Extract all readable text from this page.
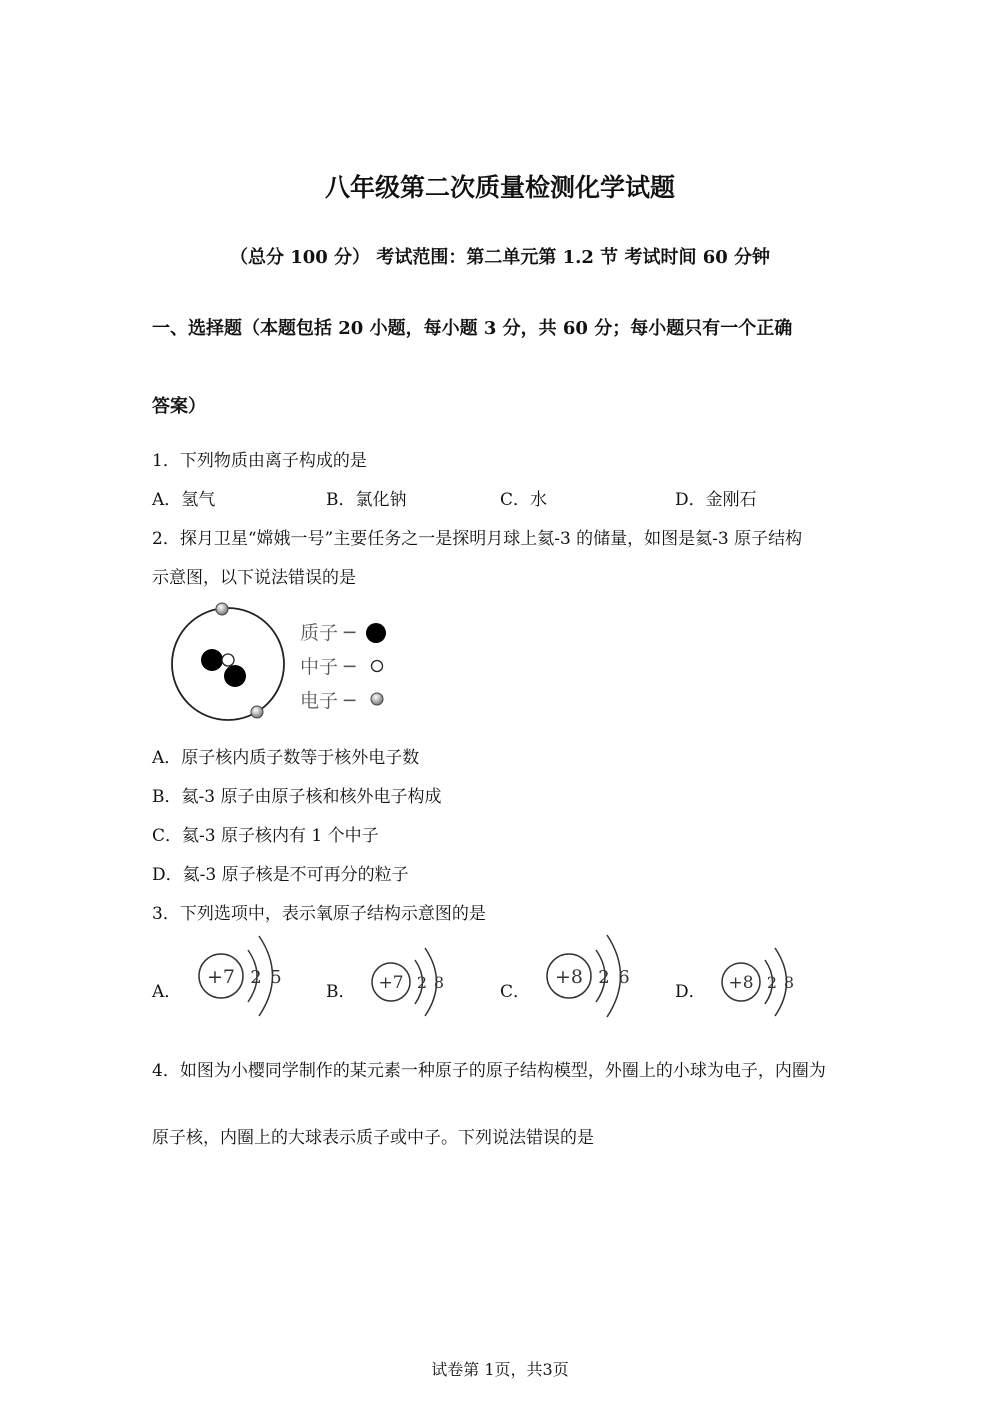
八年级第二次质量检测化学试题
（总分 100 分） 考试范围：第二单元第 1.2 节 考试时间 60 分钟
一、选择题（本题包括 20 小题，每小题 3 分，共 60 分；每小题只有一个正确
答案）
1．下列物质由离子构成的是
A．氢气	B．氯化钠	C．水	D．金刚石
2．探月卫星“嫦娥一号”主要任务之一是探明月球上氦-3 的储量，如图是氦-3 原子结构
示意图，以下说法错误的是
质子 ─
中子 ─
电子 ─
A．原子核内质子数等于核外电子数
B．氦-3 原子由原子核和核外电子构成
C．氦-3 原子核内有 1 个中子
D．氦-3 原子核是不可再分的粒子
3．下列选项中，表示氧原子结构示意图的是
A．
+7 2 5
B． +7 2 8	C．
+8 2 6
D． +8 2 8
4．如图为小樱同学制作的某元素一种原子的原子结构模型，外圈上的小球为电子，内圈为
原子核，内圈上的大球表示质子或中子。下列说法错误的是
试卷第 1页，共3页
